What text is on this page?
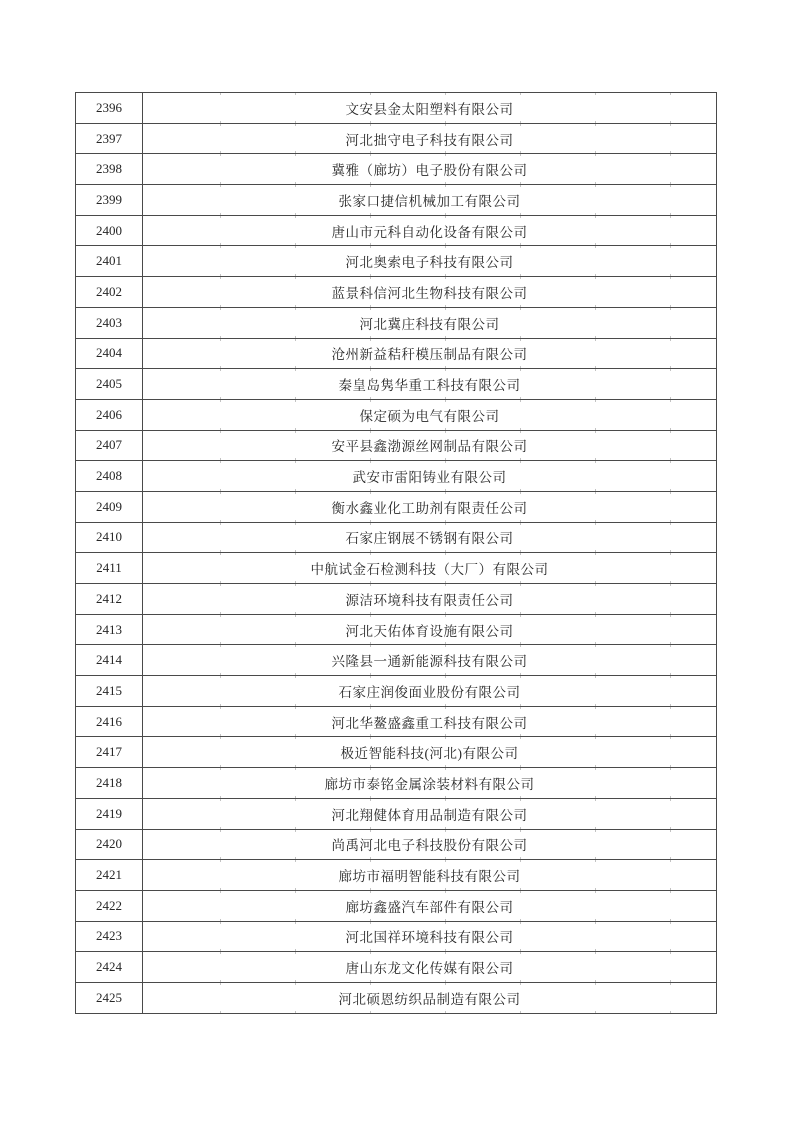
2396	文安县金太阳塑料有限公司
2397	河北拙守电子科技有限公司
2398	冀雅（廊坊）电子股份有限公司
2399	张家口捷信机械加工有限公司
2400	唐山市元科自动化设备有限公司
2401	河北奥索电子科技有限公司
2402	蓝景科信河北生物科技有限公司
2403	河北冀庄科技有限公司
2404	沧州新益秸秆模压制品有限公司
2405	秦皇岛隽华重工科技有限公司
2406	保定硕为电气有限公司
2407	安平县鑫渤源丝网制品有限公司
2408	武安市雷阳铸业有限公司
2409	衡水鑫业化工助剂有限责任公司
2410	石家庄钢展不锈钢有限公司
2411	中航试金石检测科技（大厂）有限公司
2412	源洁环境科技有限责任公司
2413	河北天佑体育设施有限公司
2414	兴隆县一通新能源科技有限公司
2415	石家庄润俊面业股份有限公司
2416	河北华鳌盛鑫重工科技有限公司
2417	极近智能科技(河北)有限公司
2418	廊坊市泰铭金属涂装材料有限公司
2419	河北翔健体育用品制造有限公司
2420	尚禹河北电子科技股份有限公司
2421	廊坊市福明智能科技有限公司
2422	廊坊鑫盛汽车部件有限公司
2423	河北国祥环境科技有限公司
2424	唐山东龙文化传媒有限公司
2425	河北硕恩纺织品制造有限公司
